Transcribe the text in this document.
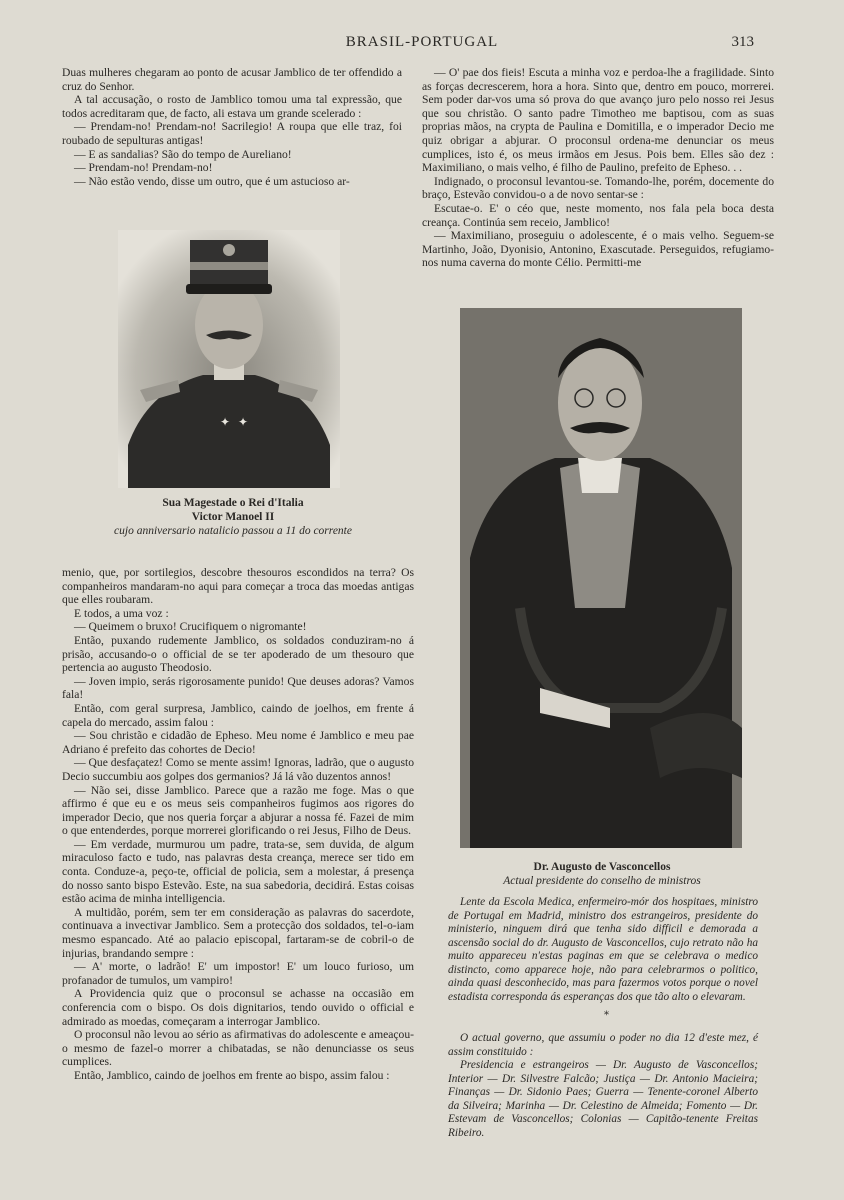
BRASIL-PORTUGAL	313

Duas mulheres chegaram ao ponto de acusar Jamblico de ter offendido a cruz do Senhor.

A tal accusação, o rosto de Jamblico tomou uma tal expressão, que todos acreditaram que, de facto, ali estava um grande scelerado :

— Prendam-no! Prendam-no! Sacrilegio! A roupa que elle traz, foi roubado de sepulturas antigas!

— E as sandalias? São do tempo de Aureliano!

— Prendam-no! Prendam-no!

— Não estão vendo, disse um outro, que é um astucioso ar-

✦ ✦
Sua Magestade o Rei d'Italia
Victor Manoel II
cujo anniversario natalicio passou a 11 do corrente

menio, que, por sortilegios, descobre thesouros escondidos na terra? Os companheiros mandaram-no aqui para começar a troca das moedas antigas que elles roubaram.

E todos, a uma voz :

— Queimem o bruxo! Crucifiquem o nigromante!

Então, puxando rudemente Jamblico, os soldados conduziram-no á prisão, accusando-o o official de se ter apoderado de um thesouro que pertencia ao augusto Theodosio.

— Joven impio, serás rigorosamente punido! Que deuses adoras? Vamos fala!

Então, com geral surpresa, Jamblico, caindo de joelhos, em frente á capela do mercado, assim falou :

— Sou christão e cidadão de Epheso. Meu nome é Jamblico e meu pae Adriano é prefeito das cohortes de Decio!

— Que desfaçatez! Como se mente assim! Ignoras, ladrão, que o augusto Decio succumbiu aos golpes dos germanios? Já lá vão duzentos annos!

— Não sei, disse Jamblico. Parece que a razão me foge. Mas o que affirmo é que eu e os meus seis companheiros fugimos aos rigores do imperador Decio, que nos queria forçar a abjurar a nossa fé. Fazei de mim o que entenderdes, porque morrerei glorificando o rei Jesus, Filho de Deus.

— Em verdade, murmurou um padre, trata-se, sem duvida, de algum miraculoso facto e tudo, nas palavras desta creança, merece ser tido em conta. Conduze-a, peço-te, official de policia, sem a molestar, á presença do nosso santo bispo Estevão. Este, na sua sabedoria, decidirá. Estas coisas estão acima de minha intelligencia.

A multidão, porém, sem ter em consideração as palavras do sacerdote, continuava a invectivar Jamblico. Sem a protecção dos soldados, tel-o-iam mesmo espancado. Até ao palacio episcopal, fartaram-se de cobril-o de injurias, brandando sempre :

— A' morte, o ladrão! E' um impostor! E' um louco furioso, um profanador de tumulos, um vampiro!

A Providencia quiz que o proconsul se achasse na occasião em conferencia com o bispo. Os dois dignitarios, tendo ouvido o official e admirado as moedas, começaram a interrogar Jamblico.

O proconsul não levou ao sério as afirmativas do adolescente e ameaçou-o mesmo de fazel-o morrer a chibatadas, se não denunciasse os seus cumplices.

Então, Jamblico, caindo de joelhos em frente ao bispo, assim falou :

— O' pae dos fieis! Escuta a minha voz e perdoa-lhe a fragilidade. Sinto as forças decrescerem, hora a hora. Sinto que, dentro em pouco, morrerei. Sem poder dar-vos uma só prova do que avanço juro pelo nosso rei Jesus que sou christão. O santo padre Timotheo me baptisou, com as suas proprias mãos, na crypta de Paulina e Domitilla, e o imperador Decio me quiz obrigar a abjurar. O proconsul ordena-me denunciar os meus cumplices, isto é, os meus irmãos em Jesus. Pois bem. Elles são dez : Maximiliano, o mais velho, é filho de Paulino, prefeito de Epheso. . .

Indignado, o proconsul levantou-se. Tomando-lhe, porém, docemente do braço, Estevão convidou-o a de novo sentar-se :

Escutae-o. E' o céo que, neste momento, nos fala pela boca desta creança. Continúa sem receio, Jamblico!

— Maximiliano, proseguiu o adolescente, é o mais velho. Seguem-se Martinho, João, Dyonisio, Antonino, Exascutade. Perseguidos, refugiamo-nos numa caverna do monte Célio. Permitti-me

Dr. Augusto de Vasconcellos
Actual presidente do conselho de ministros

Lente da Escola Medica, enfermeiro-mór dos hospitaes, ministro de Portugal em Madrid, ministro dos estrangeiros, presidente do ministerio, ninguem dirá que tenha sido difficil e demorada a ascensão social do dr. Augusto de Vasconcellos, cujo retrato não ha muito appareceu n'estas paginas em que se celebrava o medico distincto, como apparece hoje, não para celebrarmos o politico, ainda quasi desconhecido, mas para fazermos votos porque o novel estadista corresponda ás esperanças dos que tão alto o elevaram.

*

O actual governo, que assumiu o poder no dia 12 d'este mez, é assim constituido :

Presidencia e estrangeiros — Dr. Augusto de Vasconcellos; Interior — Dr. Silvestre Falcão; Justiça — Dr. Antonio Macieira; Finanças — Dr. Sidonio Paes; Guerra — Tenente-coronel Alberto da Silveira; Marinha — Dr. Celestino de Almeida; Fomento — Dr. Estevam de Vasconcellos; Colonias — Capitão-tenente Freitas Ribeiro.
